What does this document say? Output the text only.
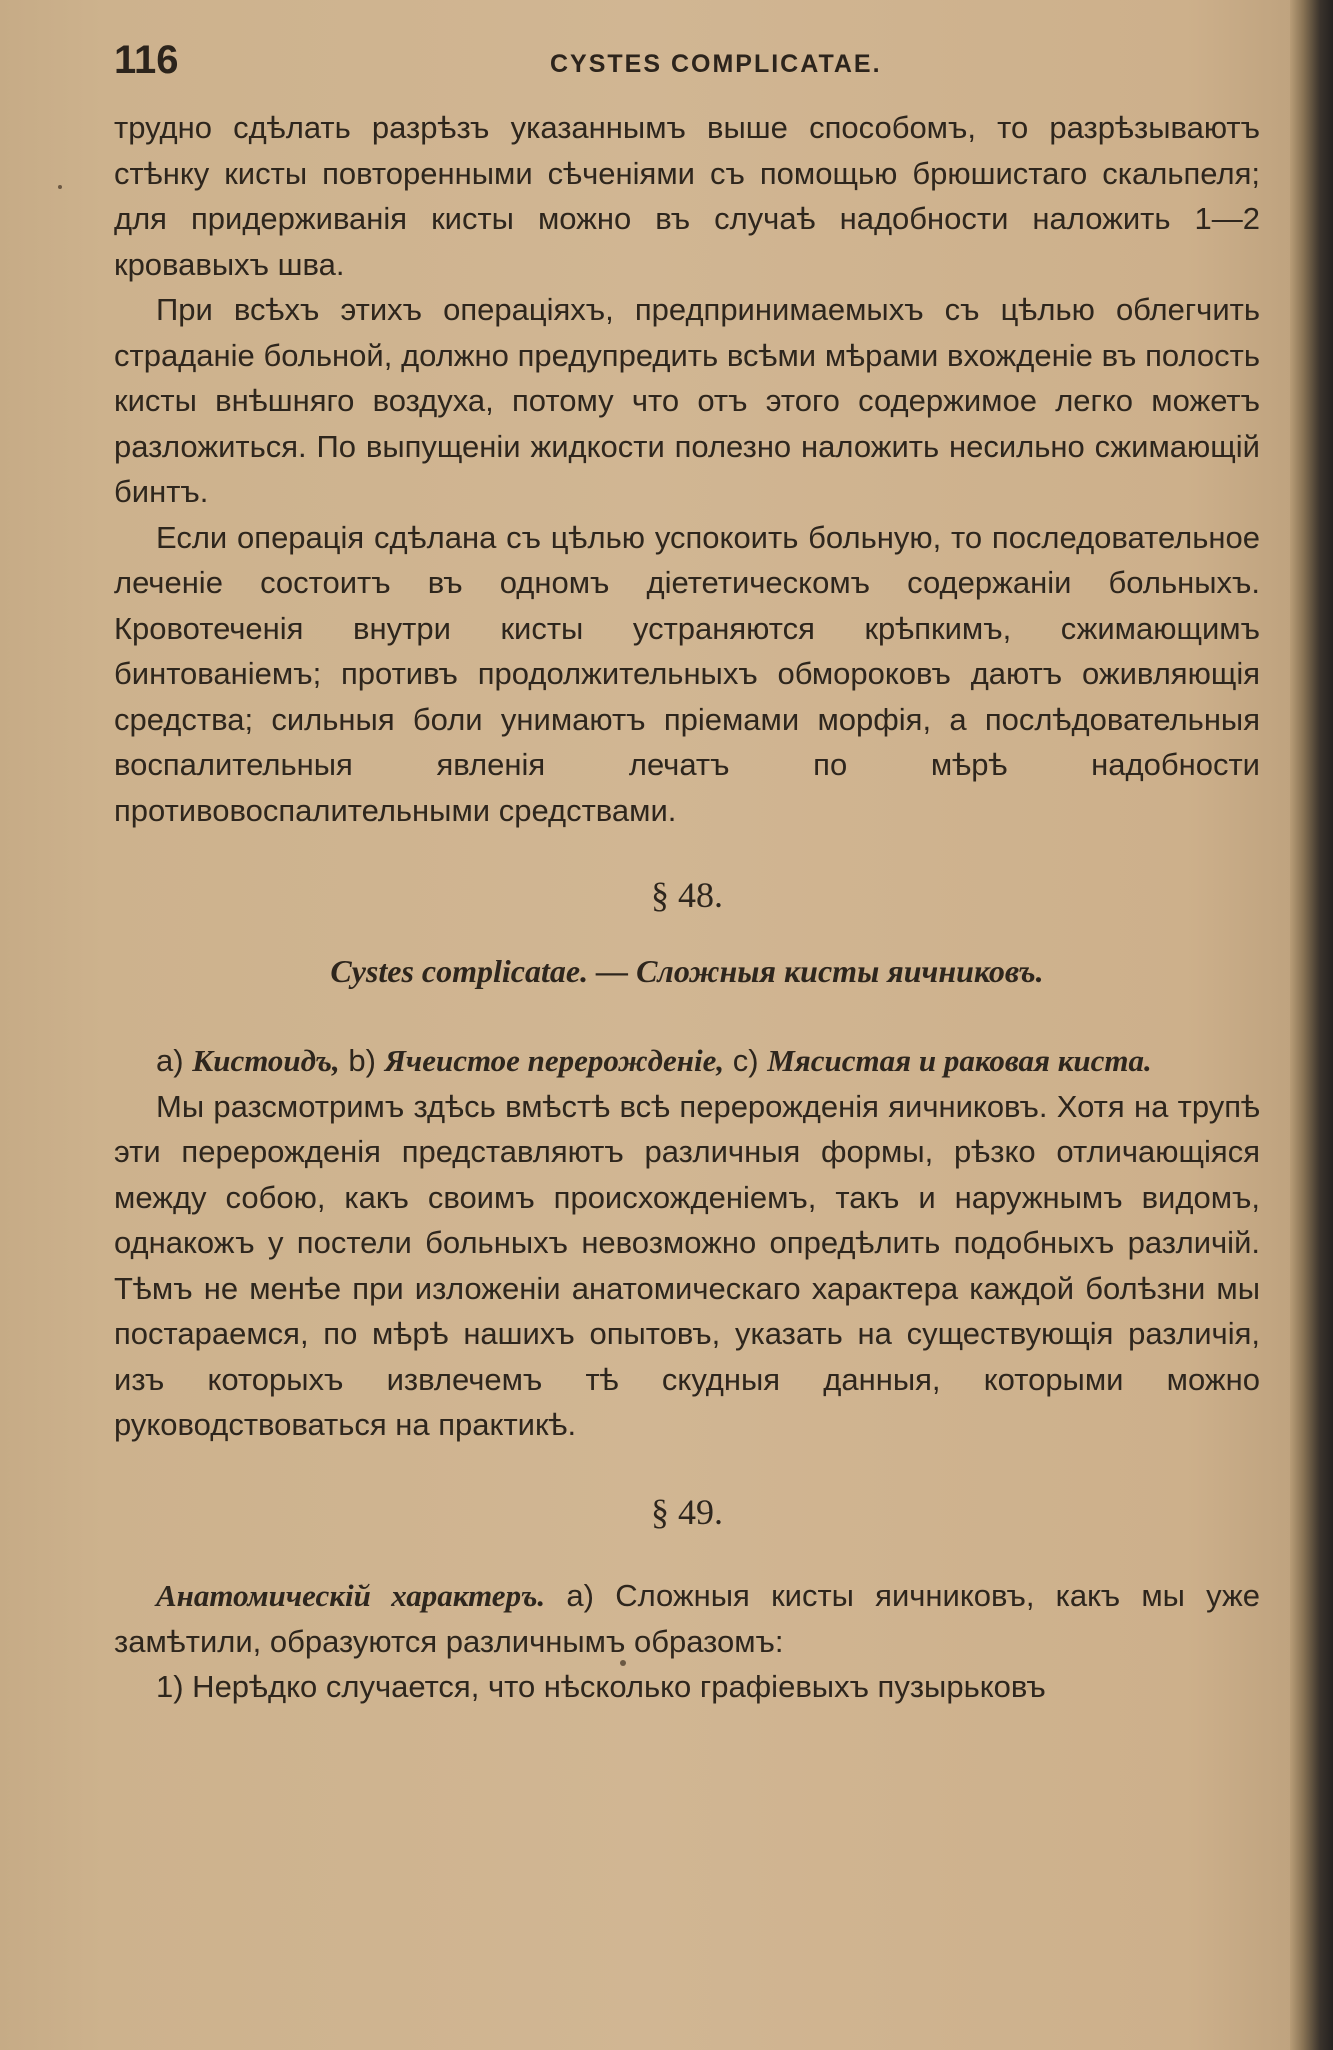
116	CYSTES COMPLICATAE.

трудно сдѣлать разрѣзъ указаннымъ выше способомъ, то разрѣзываютъ стѣнку кисты повторенными сѣченіями съ помощью брюшистаго скальпеля; для придерживанія кисты можно въ случаѣ надобности наложить 1—2 кровавыхъ шва.

При всѣхъ этихъ операціяхъ, предпринимаемыхъ съ цѣлью облегчить страданіе больной, должно предупредить всѣми мѣрами вхожденіе въ полость кисты внѣшняго воздуха, потому что отъ этого содержимое легко можетъ разложиться. По выпущеніи жидкости полезно наложить несильно сжимающій бинтъ.

Если операція сдѣлана съ цѣлью успокоить больную, то последовательное леченіе состоитъ въ одномъ діететическомъ содержаніи больныхъ. Кровотеченія внутри кисты устраняются крѣпкимъ, сжимающимъ бинтованіемъ; противъ продолжительныхъ обмороковъ даютъ оживляющія средства; сильныя боли унимаютъ пріемами морфія, а послѣдовательныя воспалительныя явленія лечатъ по мѣрѣ надобности противовоспалительными средствами.

§ 48.

Cystes complicatae. — Сложныя кисты яичниковъ.

а) Кистоидъ, b) Ячеистое перерожденіе, c) Мясистая и раковая киста.

Мы разсмотримъ здѣсь вмѣстѣ всѣ перерожденія яичниковъ. Хотя на трупѣ эти перерожденія представляютъ различныя формы, рѣзко отличающіяся между собою, какъ своимъ происхожденіемъ, такъ и наружнымъ видомъ, однакожъ у постели больныхъ невозможно опредѣлить подобныхъ различій. Тѣмъ не менѣе при изложеніи анатомическаго характера каждой болѣзни мы постараемся, по мѣрѣ нашихъ опытовъ, указать на существующія различія, изъ которыхъ извлечемъ тѣ скудныя данныя, которыми можно руководствоваться на практикѣ.

§ 49.

Анатомическій характеръ. а) Сложныя кисты яичниковъ, какъ мы уже замѣтили, образуются различнымъ образомъ:

1) Нерѣдко случается, что нѣсколько графіевыхъ пузырьковъ
